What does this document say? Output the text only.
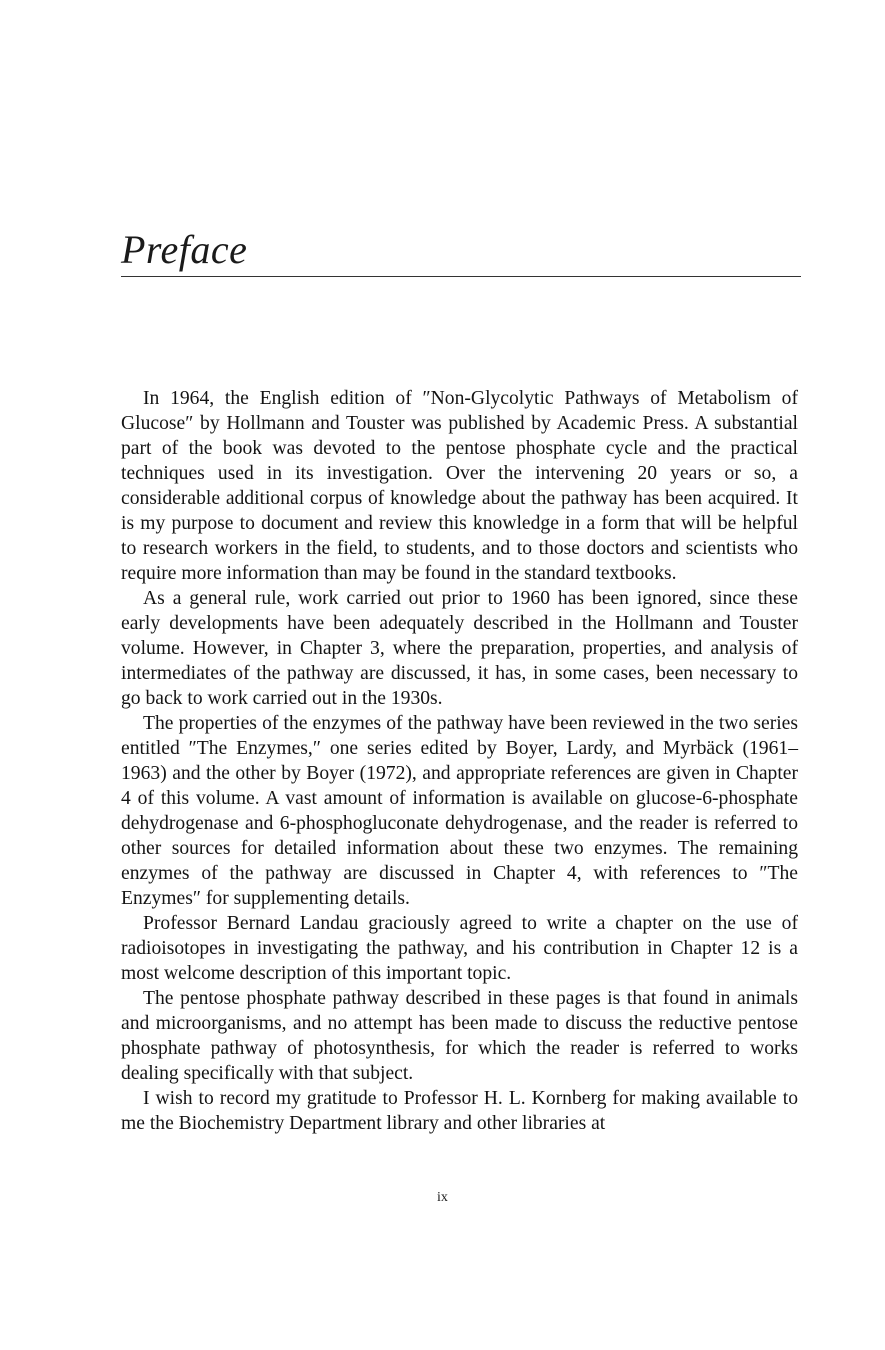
Preface

In 1964, the English edition of ″Non-Glycolytic Pathways of Metabolism of Glucose″ by Hollmann and Touster was published by Academic Press. A substantial part of the book was devoted to the pentose phosphate cycle and the practical techniques used in its investigation. Over the intervening 20 years or so, a considerable additional corpus of knowledge about the pathway has been acquired. It is my purpose to document and review this knowledge in a form that will be helpful to research workers in the field, to students, and to those doctors and scientists who require more information than may be found in the standard textbooks.

As a general rule, work carried out prior to 1960 has been ignored, since these early developments have been adequately described in the Hollmann and Touster volume. However, in Chapter 3, where the preparation, properties, and analysis of intermediates of the pathway are discussed, it has, in some cases, been necessary to go back to work carried out in the 1930s.

The properties of the enzymes of the pathway have been reviewed in the two series entitled ″The Enzymes,″ one series edited by Boyer, Lardy, and Myrbäck (1961–1963) and the other by Boyer (1972), and appropriate references are given in Chapter 4 of this volume. A vast amount of information is available on glucose-6-phosphate dehydrogenase and 6-phosphogluconate dehydrogenase, and the reader is referred to other sources for detailed information about these two enzymes. The remaining enzymes of the pathway are discussed in Chapter 4, with references to ″The Enzymes″ for supplementing details.

Professor Bernard Landau graciously agreed to write a chapter on the use of radioisotopes in investigating the pathway, and his contribution in Chapter 12 is a most welcome description of this important topic.

The pentose phosphate pathway described in these pages is that found in animals and microorganisms, and no attempt has been made to discuss the reductive pentose phosphate pathway of photosynthesis, for which the reader is referred to works dealing specifically with that subject.

I wish to record my gratitude to Professor H. L. Kornberg for making available to me the Biochemistry Department library and other libraries at

ix
